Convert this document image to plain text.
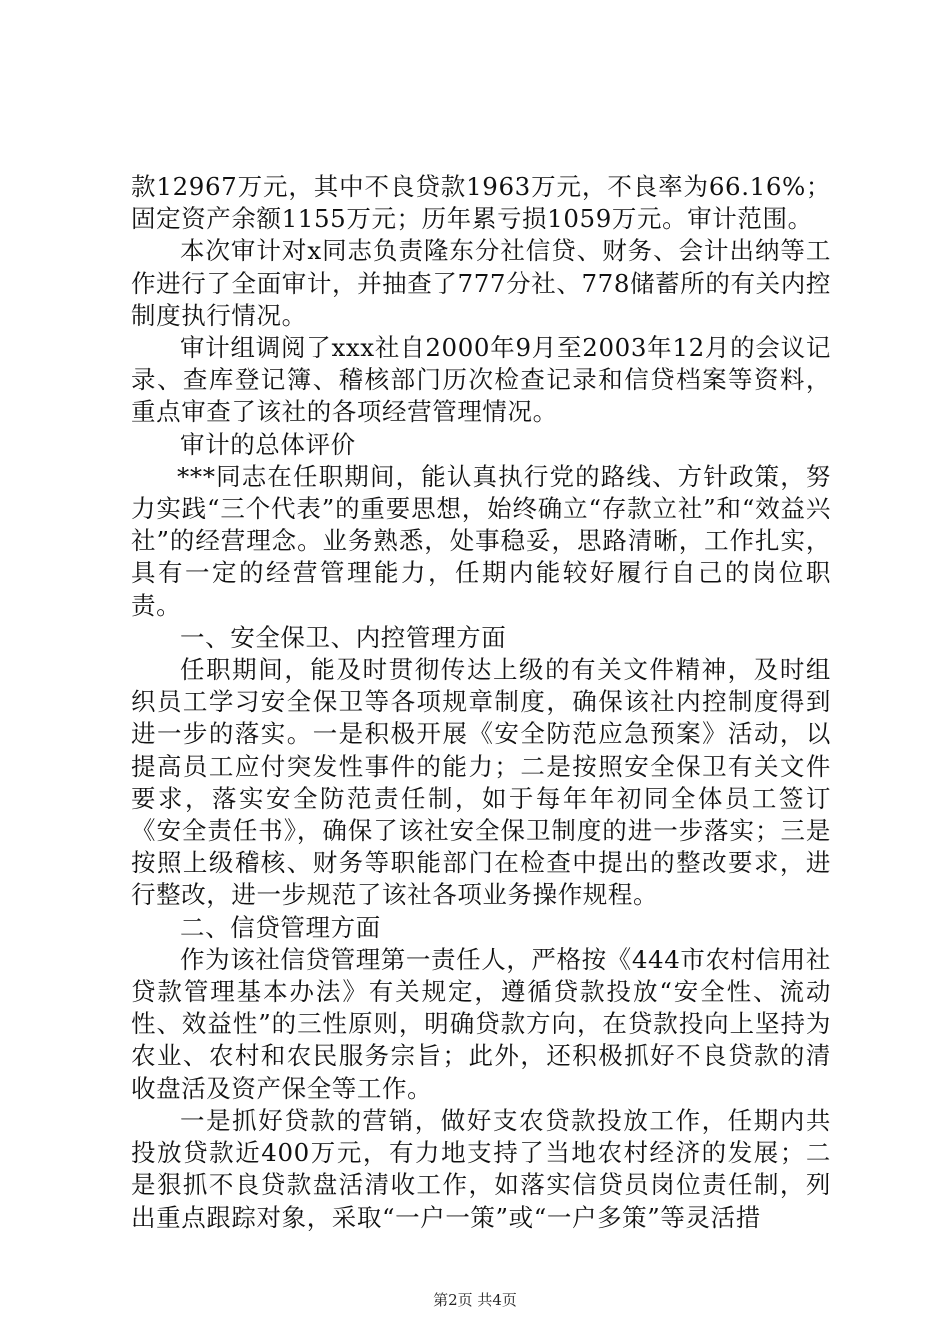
款12967万元，其中不良贷款1963万元，不良率为66.16%；固定资产余额1155万元；历年累亏损1059万元。审计范围。

本次审计对x同志负责隆东分社信贷、财务、会计出纳等工作进行了全面审计，并抽查了777分社、778储蓄所的有关内控制度执行情况。

审计组调阅了xxx社自2000年9月至2003年12月的会议记录、查库登记簿、稽核部门历次检查记录和信贷档案等资料，重点审查了该社的各项经营管理情况。

审计的总体评价

***同志在任职期间，能认真执行党的路线、方针政策，努力实践“三个代表”的重要思想，始终确立“存款立社”和“效益兴社”的经营理念。业务熟悉，处事稳妥，思路清晰，工作扎实，具有一定的经营管理能力，任期内能较好履行自己的岗位职责。

一、安全保卫、内控管理方面

任职期间，能及时贯彻传达上级的有关文件精神，及时组织员工学习安全保卫等各项规章制度，确保该社内控制度得到进一步的落实。一是积极开展《安全防范应急预案》活动，以提高员工应付突发性事件的能力；二是按照安全保卫有关文件要求，落实安全防范责任制，如于每年年初同全体员工签订《安全责任书》，确保了该社安全保卫制度的进一步落实；三是按照上级稽核、财务等职能部门在检查中提出的整改要求，进行整改，进一步规范了该社各项业务操作规程。

二、信贷管理方面

作为该社信贷管理第一责任人，严格按《444市农村信用社贷款管理基本办法》有关规定，遵循贷款投放“安全性、流动性、效益性”的三性原则，明确贷款方向，在贷款投向上坚持为农业、农村和农民服务宗旨；此外，还积极抓好不良贷款的清收盘活及资产保全等工作。

一是抓好贷款的营销，做好支农贷款投放工作，任期内共投放贷款近400万元，有力地支持了当地农村经济的发展；二是狠抓不良贷款盘活清收工作，如落实信贷员岗位责任制，列出重点跟踪对象，采取“一户一策”或“一户多策”等灵活措

第2页 共4页
